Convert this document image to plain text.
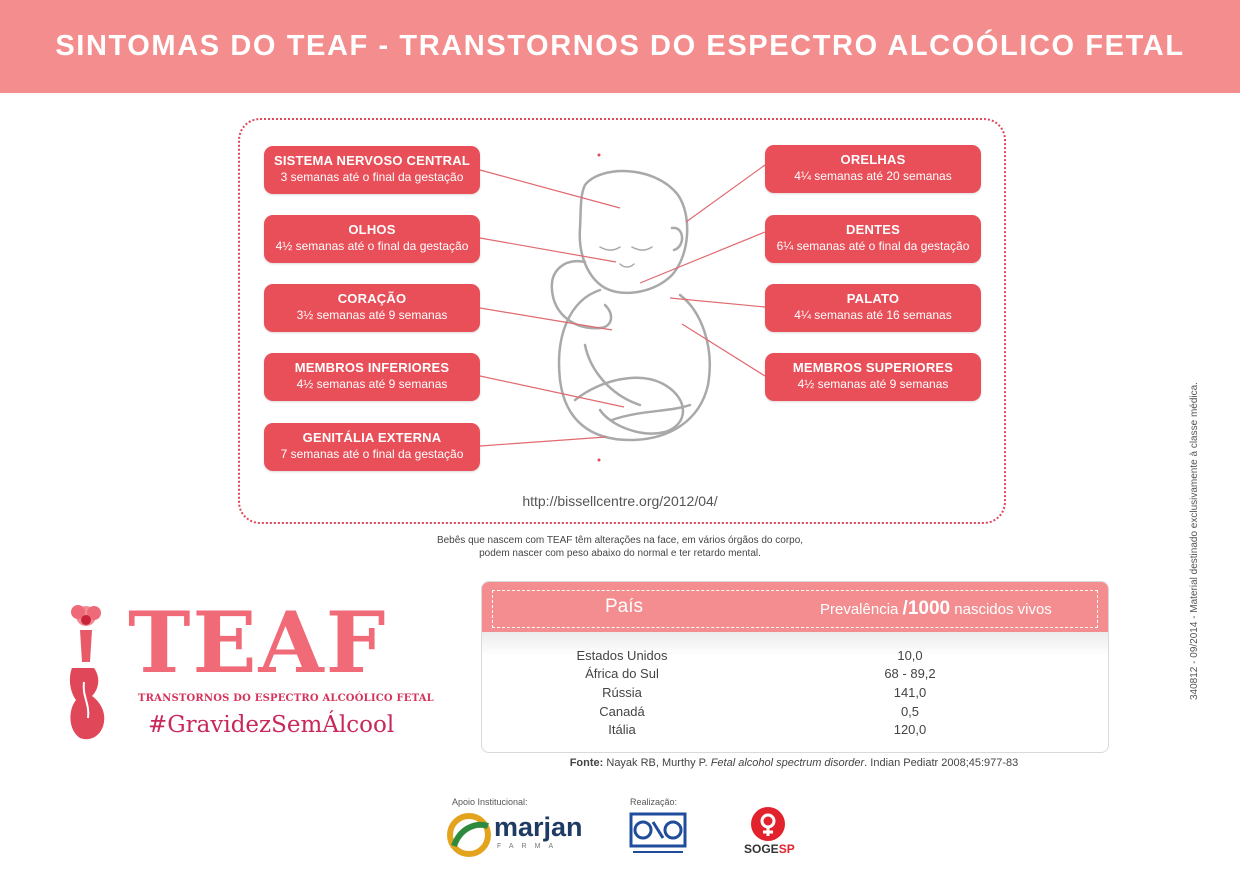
SINTOMAS DO TEAF - TRANSTORNOS DO ESPECTRO ALCOÓLICO FETAL
SISTEMA NERVOSO CENTRAL
3 semanas até o final da gestação
OLHOS
4½ semanas até o final da gestação
CORAÇÃO
3½ semanas até 9 semanas
MEMBROS INFERIORES
4½ semanas até 9 semanas
GENITÁLIA EXTERNA
7 semanas até o final da gestação
ORELHAS
4¼ semanas até 20 semanas
DENTES
6¼ semanas até o final da gestação
PALATO
4¼ semanas até 16 semanas
MEMBROS SUPERIORES
4½ semanas até 9 semanas
http://bissellcentre.org/2012/04/
Bebês que nascem com TEAF têm alterações na face, em vários órgãos do corpo,
podem nascer com peso abaixo do normal e ter retardo mental.
TEAF
TRANSTORNOS DO ESPECTRO ALCOÓLICO FETAL
#GravidezSemÁlcool
País	Prevalência /1000 nascidos vivos
Estados Unidos	10,0
África do Sul	68 - 89,2
Rússia	141,0
Canadá	0,5
Itália	120,0
Fonte: Nayak RB, Murthy P. Fetal alcohol spectrum disorder. Indian Pediatr 2008;45:977-83
340812 - 09/2014 - Material destinado exclusivamente à classe médica.
Apoio Institucional:
marjan
FARMA
Realização:
SOGESP
